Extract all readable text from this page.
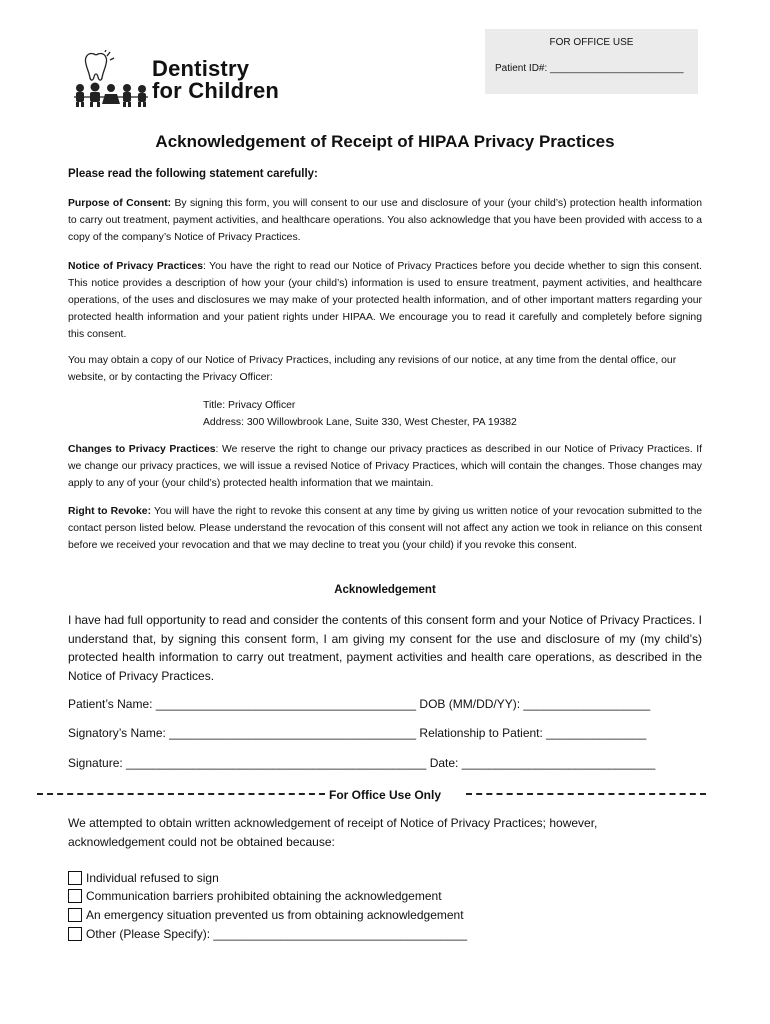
FOR OFFICE USE
Patient ID#: ________________________
Dentistry
for Children
Acknowledgement of Receipt of HIPAA Privacy Practices
Please read the following statement carefully:
Purpose of Consent: By signing this form, you will consent to our use and disclosure of your (your child’s) protection health information to carry out treatment, payment activities, and healthcare operations. You also acknowledge that you have been provided with access to a copy of the company’s Notice of Privacy Practices.
Notice of Privacy Practices: You have the right to read our Notice of Privacy Practices before you decide whether to sign this consent. This notice provides a description of how your (your child’s) information is used to ensure treatment, payment activities, and healthcare operations, of the uses and disclosures we may make of your protected health information, and of other important matters regarding your protected health information and your patient rights under HIPAA. We encourage you to read it carefully and completely before signing this consent.
You may obtain a copy of our Notice of Privacy Practices, including any revisions of our notice, at any time from the dental office, our website, or by contacting the Privacy Officer:
Title: Privacy Officer
Address: 300 Willowbrook Lane, Suite 330, West Chester, PA 19382
Changes to Privacy Practices: We reserve the right to change our privacy practices as described in our Notice of Privacy Practices. If we change our privacy practices, we will issue a revised Notice of Privacy Practices, which will contain the changes. Those changes may apply to any of your (your child’s) protected health information that we maintain.
Right to Revoke: You will have the right to revoke this consent at any time by giving us written notice of your revocation submitted to the contact person listed below. Please understand the revocation of this consent will not affect any action we took in reliance on this consent before we received your revocation and that we may decline to treat you (your child) if you revoke this consent.
Acknowledgement
I have had full opportunity to read and consider the contents of this consent form and your Notice of Privacy Practices. I understand that, by signing this consent form, I am giving my consent for the use and disclosure of my (my child’s) protected health information to carry out treatment, payment activities and health care operations, as described in the Notice of Privacy Practices.
Patient’s Name: _______________________________________ DOB (MM/DD/YY): ___________________
Signatory’s Name: _____________________________________ Relationship to Patient: _______________
Signature: _____________________________________________ Date: _____________________________
For Office Use Only
We attempted to obtain written acknowledgement of receipt of Notice of Privacy Practices; however, acknowledgement could not be obtained because:
Individual refused to sign
Communication barriers prohibited obtaining the acknowledgement
An emergency situation prevented us from obtaining acknowledgement
Other (Please Specify): ______________________________________
